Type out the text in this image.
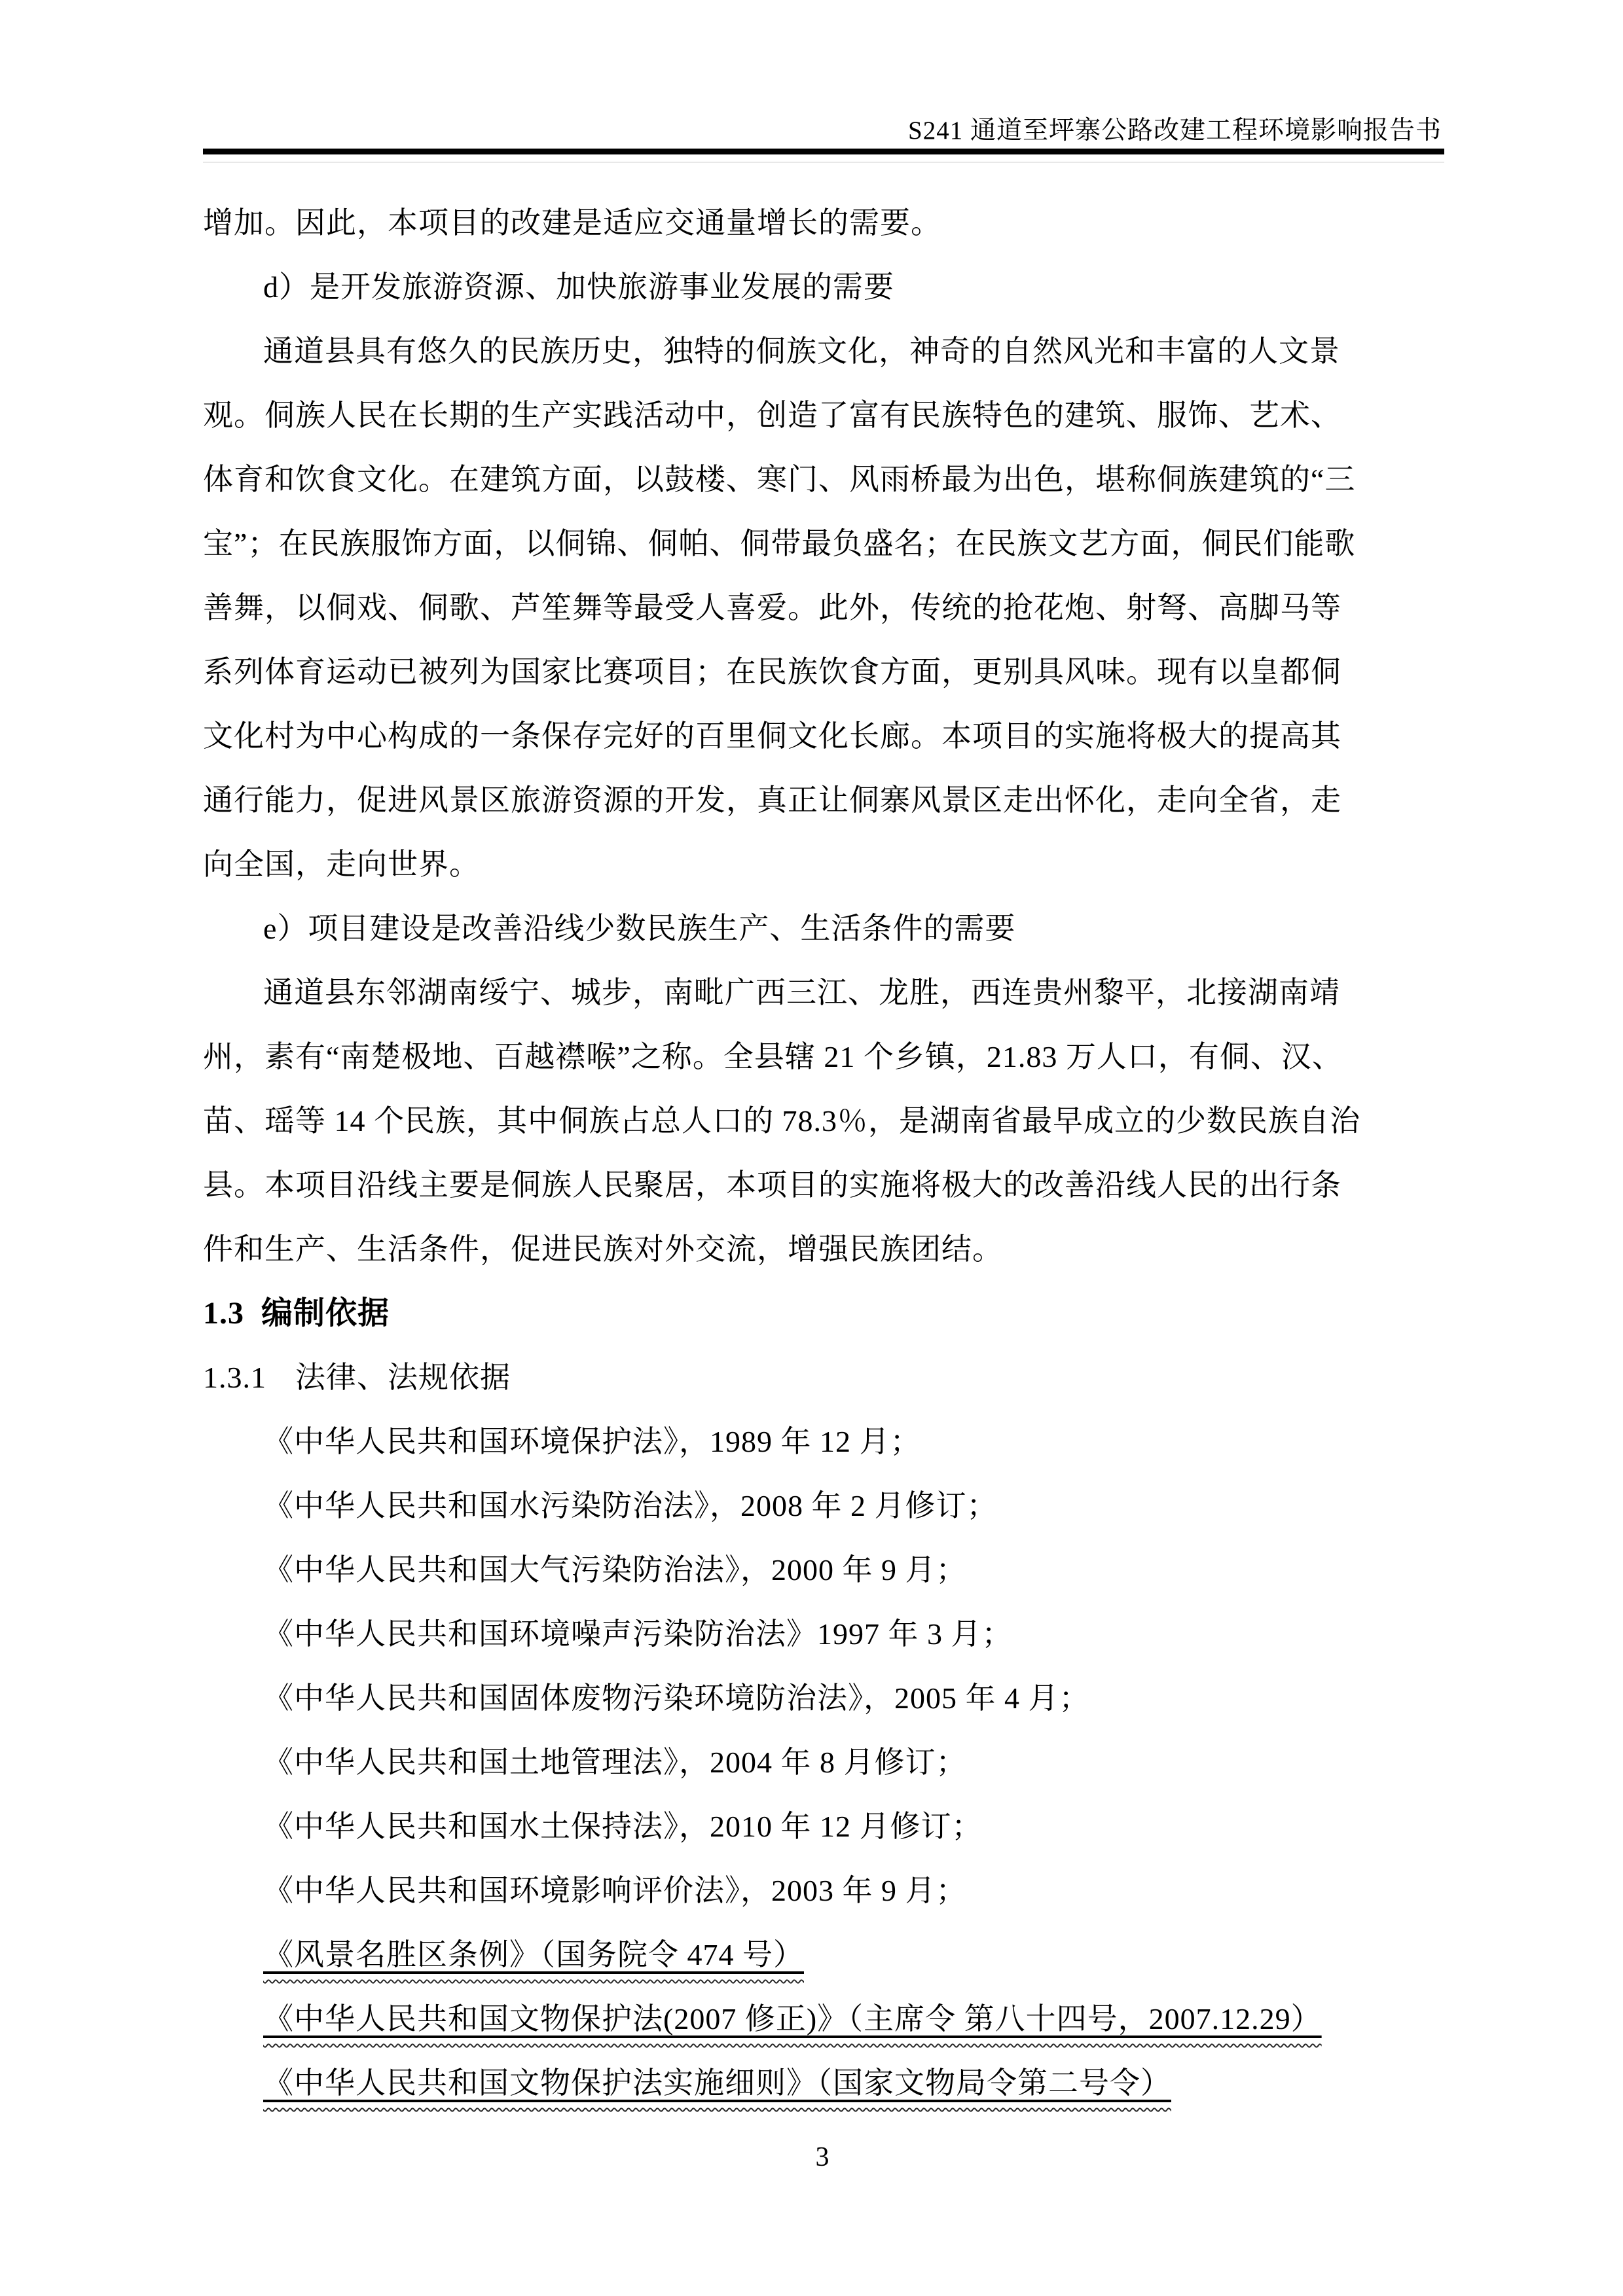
S241 通道至坪寨公路改建工程环境影响报告书
增加。因此，本项目的改建是适应交通量增长的需要。
d）是开发旅游资源、加快旅游事业发展的需要
通道县具有悠久的民族历史，独特的侗族文化，神奇的自然风光和丰富的人文景
观。侗族人民在长期的生产实践活动中，创造了富有民族特色的建筑、服饰、艺术、
体育和饮食文化。在建筑方面，以鼓楼、寒门、风雨桥最为出色，堪称侗族建筑的“三
宝”；在民族服饰方面，以侗锦、侗帕、侗带最负盛名；在民族文艺方面，侗民们能歌
善舞，以侗戏、侗歌、芦笙舞等最受人喜爱。此外，传统的抢花炮、射弩、高脚马等
系列体育运动已被列为国家比赛项目；在民族饮食方面，更别具风味。现有以皇都侗
文化村为中心构成的一条保存完好的百里侗文化长廊。本项目的实施将极大的提高其
通行能力，促进风景区旅游资源的开发，真正让侗寨风景区走出怀化，走向全省，走
向全国，走向世界。
e）项目建设是改善沿线少数民族生产、生活条件的需要
通道县东邻湖南绥宁、城步，南毗广西三江、龙胜，西连贵州黎平，北接湖南靖
州，素有“南楚极地、百越襟喉”之称。全县辖 21 个乡镇，21.83 万人口，有侗、汉、
苗、瑶等 14 个民族，其中侗族占总人口的 78.3％，是湖南省最早成立的少数民族自治
县。本项目沿线主要是侗族人民聚居，本项目的实施将极大的改善沿线人民的出行条
件和生产、生活条件，促进民族对外交流，增强民族团结。
1.3 编制依据
1.3.1 法律、法规依据
《中华人民共和国环境保护法》，1989 年 12 月；
《中华人民共和国水污染防治法》，2008 年 2 月修订；
《中华人民共和国大气污染防治法》，2000 年 9 月；
《中华人民共和国环境噪声污染防治法》1997 年 3 月；
《中华人民共和国固体废物污染环境防治法》，2005 年 4 月；
《中华人民共和国土地管理法》，2004 年 8 月修订；
《中华人民共和国水土保持法》，2010 年 12 月修订；
《中华人民共和国环境影响评价法》，2003 年 9 月；
《风景名胜区条例》（国务院令 474 号）
《中华人民共和国文物保护法(2007 修正)》（主席令 第八十四号，2007.12.29）
《中华人民共和国文物保护法实施细则》（国家文物局令第二号令）
3
